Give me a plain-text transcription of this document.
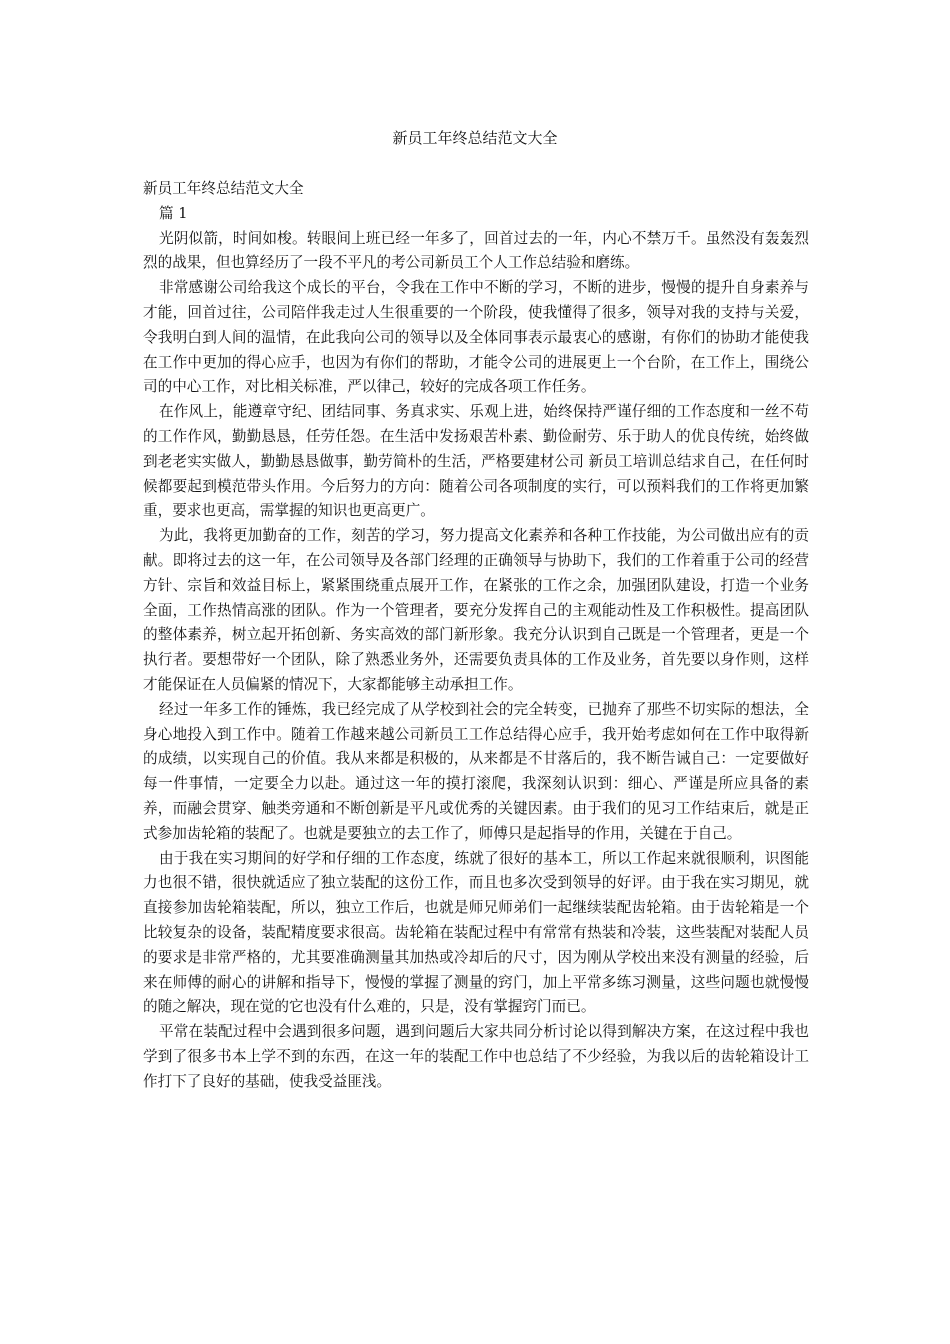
新员工年终总结范文大全

新员工年终总结范文大全

篇 1

光阴似箭，时间如梭。转眼间上班已经一年多了，回首过去的一年，内心不禁万千。虽然没有轰轰烈烈的战果，但也算经历了一段不平凡的考公司新员工个人工作总结验和磨练。

非常感谢公司给我这个成长的平台，令我在工作中不断的学习，不断的进步，慢慢的提升自身素养与才能，回首过往，公司陪伴我走过人生很重要的一个阶段，使我懂得了很多，领导对我的支持与关爱，令我明白到人间的温情，在此我向公司的领导以及全体同事表示最衷心的感谢，有你们的协助才能使我在工作中更加的得心应手，也因为有你们的帮助，才能令公司的进展更上一个台阶，在工作上，围绕公司的中心工作，对比相关标准，严以律己，较好的完成各项工作任务。

在作风上，能遵章守纪、团结同事、务真求实、乐观上进，始终保持严谨仔细的工作态度和一丝不苟的工作作风，勤勤恳恳，任劳任怨。在生活中发扬艰苦朴素、勤俭耐劳、乐于助人的优良传统，始终做到老老实实做人，勤勤恳恳做事，勤劳简朴的生活，严格要建材公司 新员工培训总结求自己，在任何时候都要起到模范带头作用。今后努力的方向：随着公司各项制度的实行，可以预料我们的工作将更加繁重，要求也更高，需掌握的知识也更高更广。

为此，我将更加勤奋的工作，刻苦的学习，努力提高文化素养和各种工作技能，为公司做出应有的贡献。即将过去的这一年，在公司领导及各部门经理的正确领导与协助下，我们的工作着重于公司的经营方针、宗旨和效益目标上，紧紧围绕重点展开工作，在紧张的工作之余，加强团队建设，打造一个业务全面，工作热情高涨的团队。作为一个管理者，要充分发挥自己的主观能动性及工作积极性。提高团队的整体素养，树立起开拓创新、务实高效的部门新形象。我充分认识到自己既是一个管理者，更是一个执行者。要想带好一个团队，除了熟悉业务外，还需要负责具体的工作及业务，首先要以身作则，这样才能保证在人员偏紧的情况下，大家都能够主动承担工作。

经过一年多工作的锤炼，我已经完成了从学校到社会的完全转变，已抛弃了那些不切实际的想法，全身心地投入到工作中。随着工作越来越公司新员工工作总结得心应手，我开始考虑如何在工作中取得新的成绩，以实现自己的价值。我从来都是积极的，从来都是不甘落后的，我不断告诫自己：一定要做好每一件事情，一定要全力以赴。通过这一年的摸打滚爬，我深刻认识到：细心、严谨是所应具备的素养，而融会贯穿、触类旁通和不断创新是平凡或优秀的关键因素。由于我们的见习工作结束后，就是正式参加齿轮箱的装配了。也就是要独立的去工作了，师傅只是起指导的作用，关键在于自己。

由于我在实习期间的好学和仔细的工作态度，练就了很好的基本工，所以工作起来就很顺利，识图能力也很不错，很快就适应了独立装配的这份工作，而且也多次受到领导的好评。由于我在实习期见，就直接参加齿轮箱装配，所以，独立工作后，也就是师兄师弟们一起继续装配齿轮箱。由于齿轮箱是一个比较复杂的设备，装配精度要求很高。齿轮箱在装配过程中有常常有热装和冷装，这些装配对装配人员的要求是非常严格的，尤其要准确测量其加热或冷却后的尺寸，因为刚从学校出来没有测量的经验，后来在师傅的耐心的讲解和指导下，慢慢的掌握了测量的窍门，加上平常多练习测量，这些问题也就慢慢的随之解决，现在觉的它也没有什么难的，只是，没有掌握窍门而已。

平常在装配过程中会遇到很多问题，遇到问题后大家共同分析讨论以得到解决方案，在这过程中我也学到了很多书本上学不到的东西，在这一年的装配工作中也总结了不少经验，为我以后的齿轮箱设计工作打下了良好的基础，使我受益匪浅。
